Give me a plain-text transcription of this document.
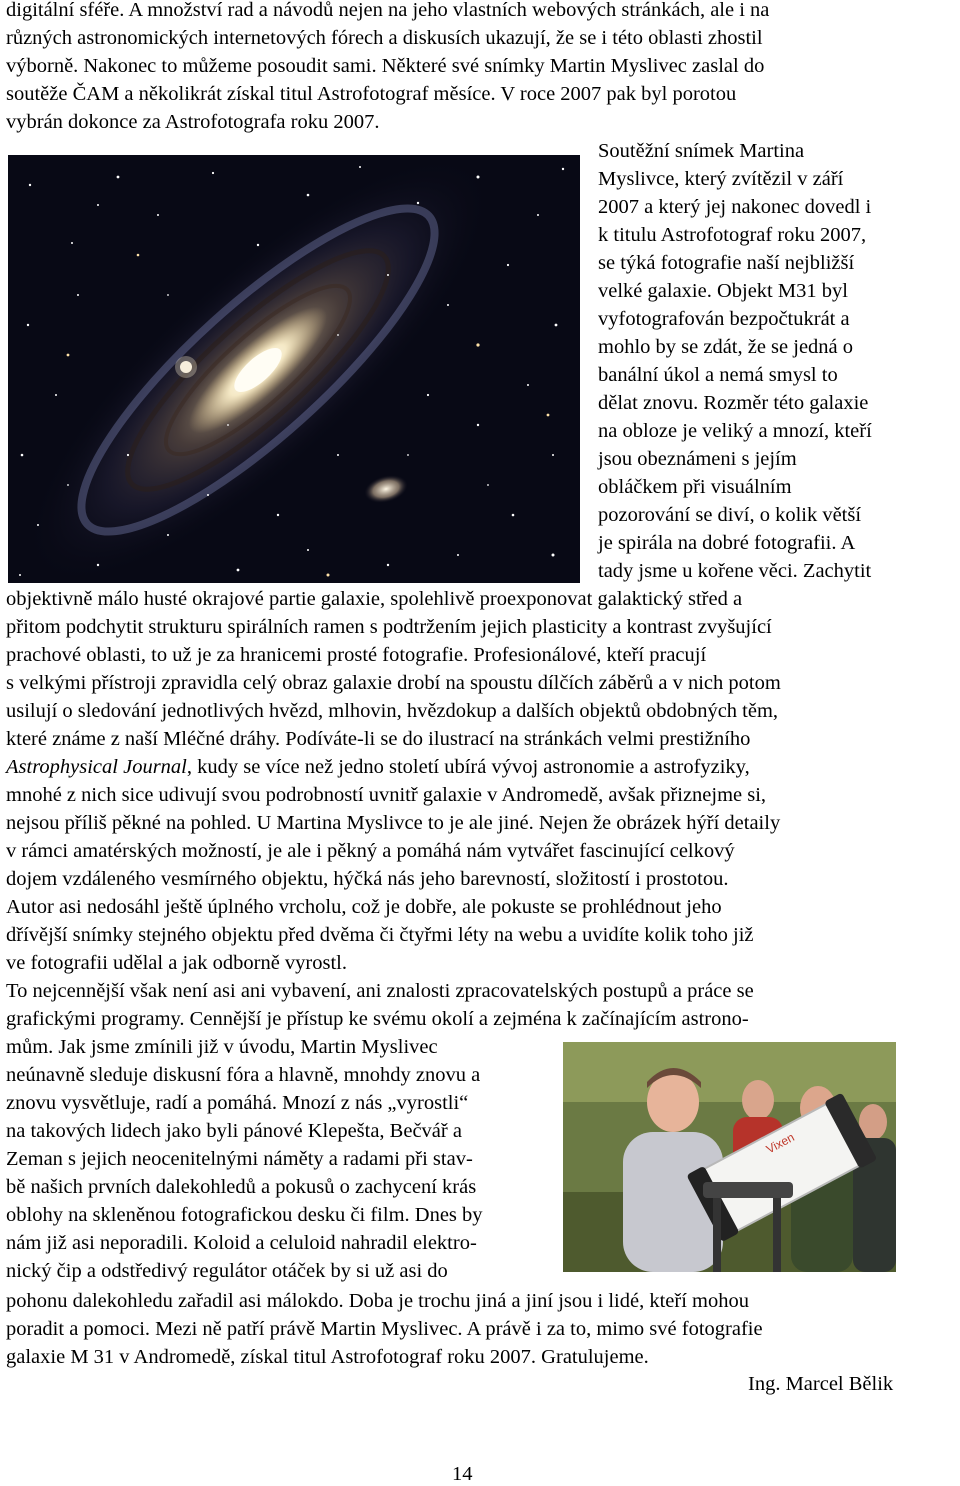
digitální sféře. A množství rad a návodů nejen na jeho vlastních webových stránkách, ale i na
různých astronomických internetových fórech a diskusích ukazují, že se i této oblasti zhostil
výborně. Nakonec to můžeme posoudit sami. Některé své snímky Martin Myslivec zaslal do
soutěže ČAM a několikrát získal titul Astrofotograf měsíce. V roce 2007 pak byl porotou
vybrán dokonce za Astrofotografa roku 2007.
Soutěžní snímek Martina
Myslivce, který zvítězil v září
2007 a který jej nakonec dovedl i
k titulu Astrofotograf roku 2007,
se týká fotografie naší nejbližší
velké galaxie. Objekt M31 byl
vyfotografován bezpočtukrát a
mohlo by se zdát, že se jedná o
banální úkol a nemá smysl to
dělat znovu. Rozměr této galaxie
na obloze je veliký a mnozí, kteří
jsou obeznámeni s jejím
obláčkem při visuálním
pozorování se diví, o kolik větší
je spirála na dobré fotografii. A
tady jsme u kořene věci. Zachytit
objektivně málo husté okrajové partie galaxie, spolehlivě proexponovat galaktický střed a
přitom podchytit strukturu spirálních ramen s podtržením jejich plasticity a kontrast zvyšující
prachové oblasti, to už je za hranicemi prosté fotografie. Profesionálové, kteří pracují
s velkými přístroji zpravidla celý obraz galaxie drobí na spoustu dílčích záběrů a v nich potom
usilují o sledování jednotlivých hvězd, mlhovin, hvězdokup a dalších objektů obdobných těm,
které známe z naší Mléčné dráhy. Podíváte-li se do ilustrací na stránkách velmi prestižního
Astrophysical Journal, kudy se více než jedno století ubírá vývoj astronomie a astrofyziky,
mnohé z nich sice udivují svou podrobností uvnitř galaxie v Andromedě, avšak přiznejme si,
nejsou příliš pěkné na pohled. U Martina Myslivce to je ale jiné. Nejen že obrázek hýří detaily
v rámci amatérských možností, je ale i pěkný a pomáhá nám vytvářet fascinující celkový
dojem vzdáleného vesmírného objektu, hýčká nás jeho barevností, složitostí i prostotou.
Autor asi nedosáhl ještě úplného vrcholu, což je dobře, ale pokuste se prohlédnout jeho
dřívější snímky stejného objektu před dvěma či čtyřmi léty na webu a uvidíte kolik toho již
ve fotografii udělal a jak odborně vyrostl.
To nejcennější však není asi ani vybavení, ani znalosti zpracovatelských postupů a práce se
grafickými programy. Cennější je přístup ke svému okolí a zejména k začínajícím astrono-
mům. Jak jsme zmínili již v úvodu, Martin Myslivec
neúnavně sleduje diskusní fóra a hlavně, mnohdy znovu a
znovu vysvětluje, radí a pomáhá. Mnozí z nás „vyrostli“
na takových lidech jako byli pánové Klepešta, Bečvář a
Zeman s jejich neocenitelnými náměty a radami při stav-
bě našich prvních dalekohledů a pokusů o zachycení krás
oblohy na skleněnou fotografickou desku či film. Dnes by
nám již asi neporadili. Koloid a celuloid nahradil elektro-
nický čip a odstředivý regulátor otáček by si už asi do
Vixen
pohonu dalekohledu zařadil asi málokdo. Doba je trochu jiná a jiní jsou i lidé, kteří mohou
poradit a pomoci. Mezi ně patří právě Martin Myslivec. A právě i za to, mimo své fotografie
galaxie M 31 v Andromedě, získal titul Astrofotograf roku 2007. Gratulujeme.
Ing. Marcel Bělik
14
